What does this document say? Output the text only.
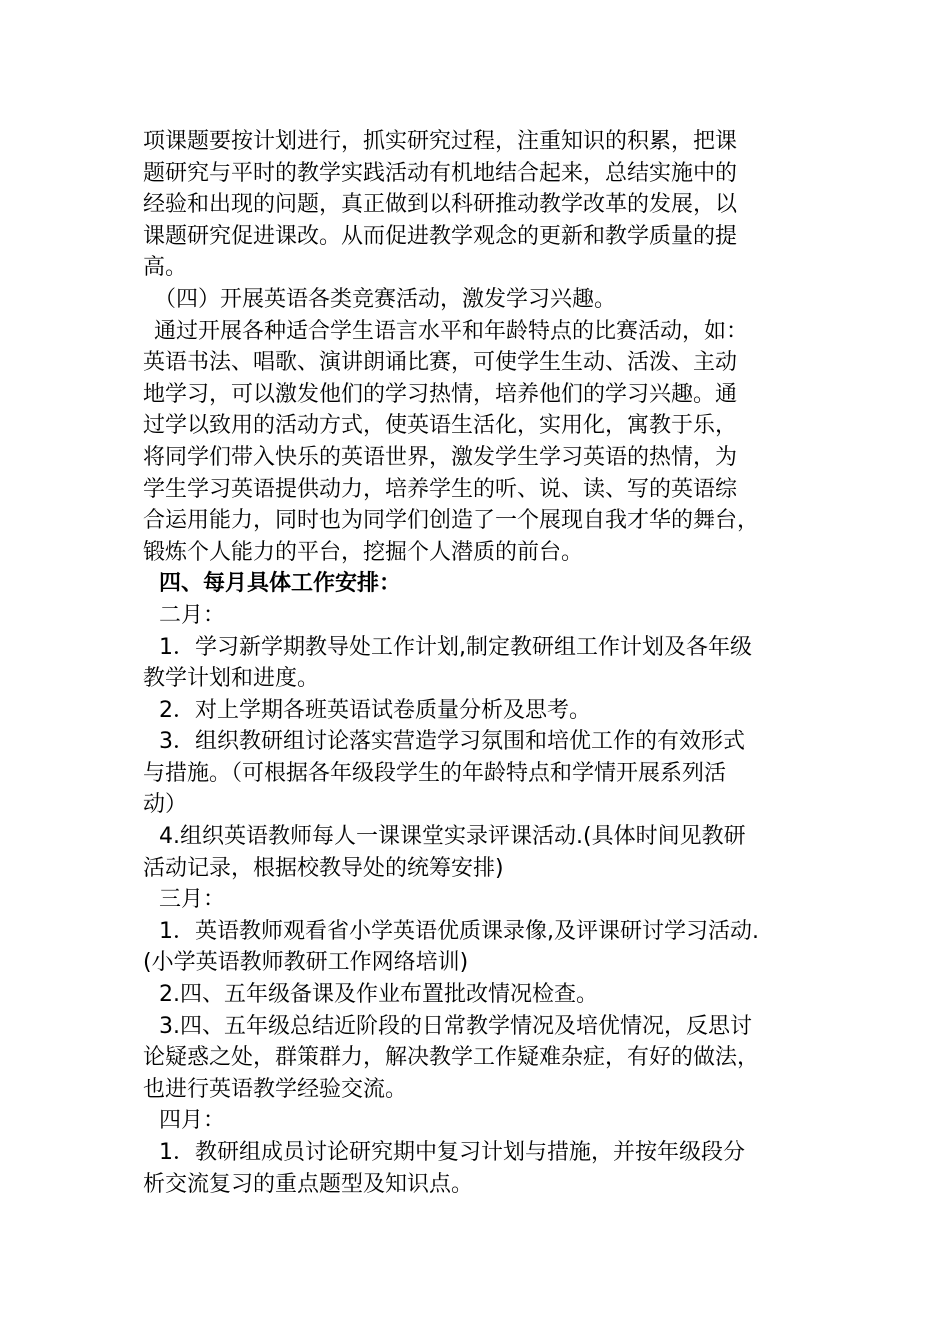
项课题要按计划进行，抓实研究过程，注重知识的积累，把课
题研究与平时的教学实践活动有机地结合起来，总结实施中的
经验和出现的问题，真正做到以科研推动教学改革的发展，以
课题研究促进课改。从而促进教学观念的更新和教学质量的提
高。
（四）开展英语各类竞赛活动，激发学习兴趣。
通过开展各种适合学生语言水平和年龄特点的比赛活动，如：
英语书法、唱歌、演讲朗诵比赛，可使学生生动、活泼、主动
地学习，可以激发他们的学习热情，培养他们的学习兴趣。通
过学以致用的活动方式，使英语生活化，实用化，寓教于乐，
将同学们带入快乐的英语世界，激发学生学习英语的热情，为
学生学习英语提供动力，培养学生的听、说、读、写的英语综
合运用能力，同时也为同学们创造了一个展现自我才华的舞台，
锻炼个人能力的平台，挖掘个人潜质的前台。
四、每月具体工作安排：
二月：
1．学习新学期教导处工作计划,制定教研组工作计划及各年级
教学计划和进度。
2．对上学期各班英语试卷质量分析及思考。
3．组织教研组讨论落实营造学习氛围和培优工作的有效形式
与措施。（可根据各年级段学生的年龄特点和学情开展系列活
动）
4.组织英语教师每人一课课堂实录评课活动.(具体时间见教研
活动记录，根据校教导处的统筹安排)
三月：
1．英语教师观看省小学英语优质课录像,及评课研讨学习活动.
(小学英语教师教研工作网络培训)
2.四、五年级备课及作业布置批改情况检查。
3.四、五年级总结近阶段的日常教学情况及培优情况，反思讨
论疑惑之处，群策群力，解决教学工作疑难杂症，有好的做法，
也进行英语教学经验交流。
四月：
1．教研组成员讨论研究期中复习计划与措施，并按年级段分
析交流复习的重点题型及知识点。
